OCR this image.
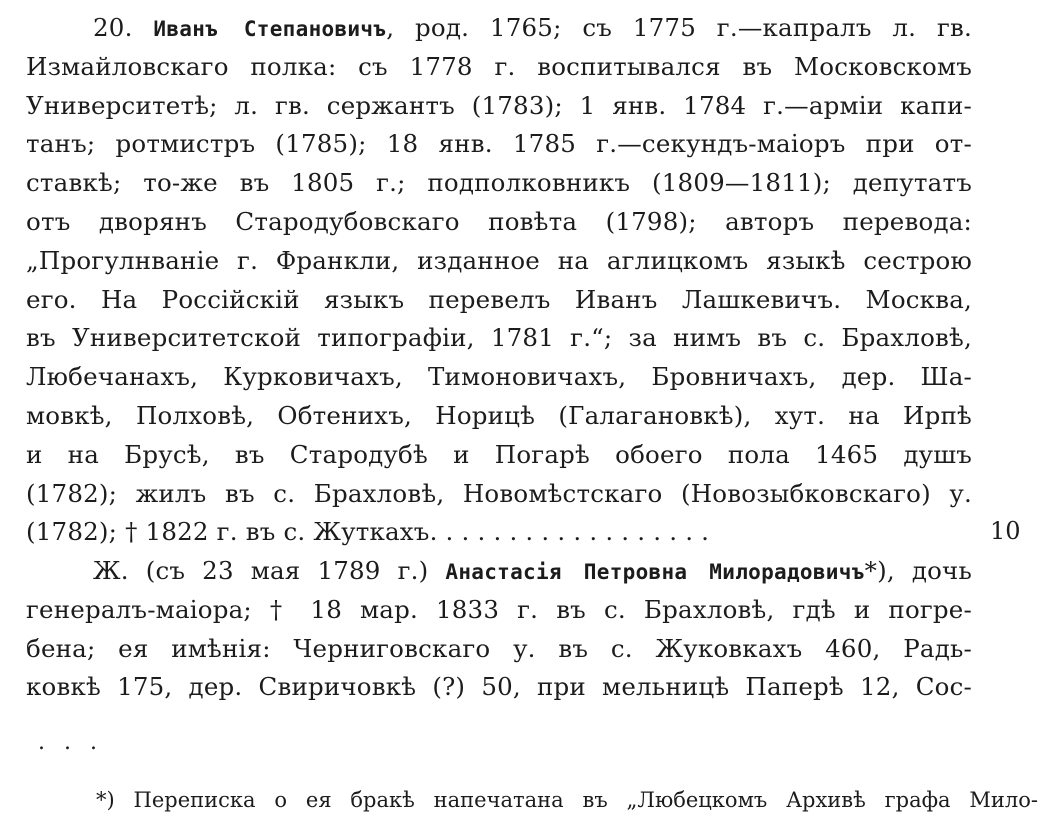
20. Иванъ Степановичъ, род. 1765; съ 1775 г.—капралъ л. гв.
Измайловскаго полка: съ 1778 г. воспитывался въ Московскомъ
Университетѣ; л. гв. сержантъ (1783); 1 янв. 1784 г.—арміи капи-
танъ; ротмистръ (1785); 18 янв. 1785 г.—секундъ-маіоръ при от-
ставкѣ; то-же въ 1805 г.; подполковникъ (1809—1811); депутатъ
отъ дворянъ Стародубовскаго повѣта (1798); авторъ перевода:
„Прогулнваніе г. Франкли, изданное на аглицкомъ языкѣ сестрою
его. На Россійскій языкъ перевелъ Иванъ Лашкевичъ. Москва,
въ Университетской типографіи, 1781 г.“; за нимъ въ с. Брахловѣ,
Любечанахъ, Курковичахъ, Тимоновичахъ, Бровничахъ, дер. Ша-
мовкѣ, Полховѣ, Обтенихъ, Норицѣ (Галагановкѣ), хут. на Ирпѣ
и на Брусѣ, въ Стародубѣ и Погарѣ обоего пола 1465 душъ
(1782); жилъ въ с. Брахловѣ, Новомѣстскаго (Новозыбковскаго) у.
(1782); † 1822 г. въ с. Жуткахъ. . . . . . . . . . . . . . . . . .	10
Ж. (съ 23 мая 1789 г.) Анастасія Петровна Милорадовичъ*), дочь
генералъ-маіора; † 18 мар. 1833 г. въ с. Брахловѣ, гдѣ и погре-
бена; ея имѣнія: Черниговскаго у. въ с. Жуковкахъ 460, Радь-
ковкѣ 175, дер. Свиричовкѣ (?) 50, при мельницѣ Паперѣ 12, Сос-
. . .
*) Переписка о ея бракѣ напечатана въ „Любецкомъ Архивѣ графа Мило-
